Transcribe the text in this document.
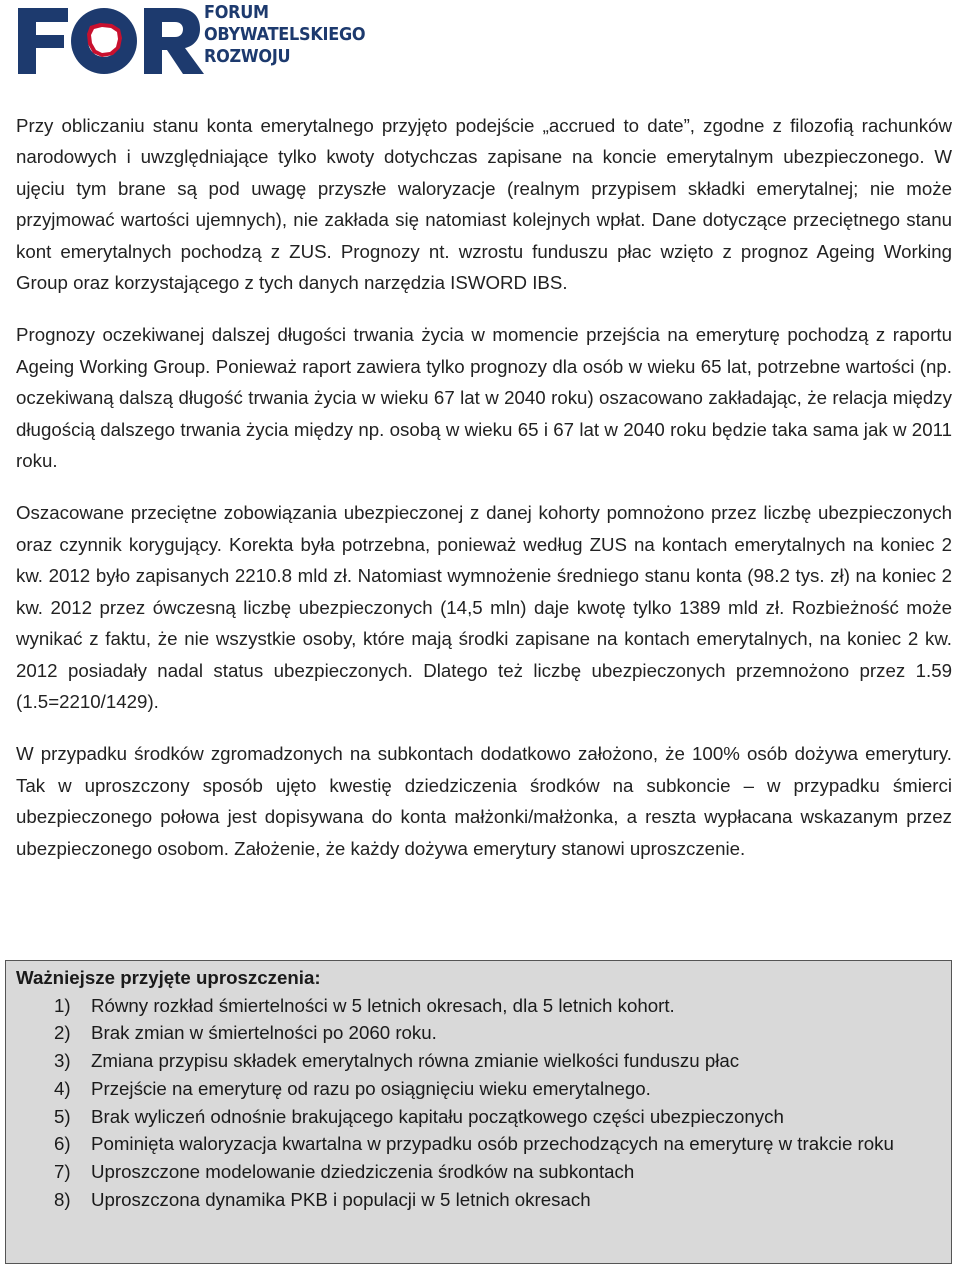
FORUM
OBYWATELSKIEGO
ROZWOJU

Przy obliczaniu stanu konta emerytalnego przyjęto podejście „accrued to date”, zgodne z filozofią rachunków narodowych i uwzględniające tylko kwoty dotychczas zapisane na koncie emerytalnym ubezpieczonego. W ujęciu tym brane są pod uwagę przyszłe waloryzacje (realnym przypisem składki emerytalnej; nie może przyjmować wartości ujemnych), nie zakłada się natomiast kolejnych wpłat. Dane dotyczące przeciętnego stanu kont emerytalnych pochodzą z ZUS. Prognozy nt. wzrostu funduszu płac wzięto z prognoz Ageing Working Group oraz korzystającego z tych danych narzędzia ISWORD IBS.

Prognozy oczekiwanej dalszej długości trwania życia w momencie przejścia na emeryturę pochodzą z raportu Ageing Working Group. Ponieważ raport zawiera tylko prognozy dla osób w wieku 65 lat, potrzebne wartości (np. oczekiwaną dalszą długość trwania życia w wieku 67 lat w 2040 roku) oszacowano zakładając, że relacja między długością dalszego trwania życia między np. osobą w wieku 65 i 67 lat w 2040 roku będzie taka sama jak w 2011 roku.

Oszacowane przeciętne zobowiązania ubezpieczonej z danej kohorty pomnożono przez liczbę ubezpieczonych oraz czynnik korygujący. Korekta była potrzebna, ponieważ według ZUS na kontach emerytalnych na koniec 2 kw. 2012 było zapisanych 2210.8 mld zł. Natomiast wymnożenie średniego stanu konta (98.2 tys. zł) na koniec 2 kw. 2012 przez ówczesną liczbę ubezpieczonych (14,5 mln) daje kwotę tylko 1389 mld zł. Rozbieżność może wynikać z faktu, że nie wszystkie osoby, które mają środki zapisane na kontach emerytalnych, na koniec 2 kw. 2012 posiadały nadal status ubezpieczonych. Dlatego też liczbę ubezpieczonych przemnożono przez 1.59 (1.5=2210/1429).

W przypadku środków zgromadzonych na subkontach dodatkowo założono, że 100% osób dożywa emerytury. Tak w uproszczony sposób ujęto kwestię dziedziczenia środków na subkoncie – w przypadku śmierci ubezpieczonego połowa jest dopisywana do konta małżonki/małżonka, a reszta wypłacana wskazanym przez ubezpieczonego osobom. Założenie, że każdy dożywa emerytury stanowi uproszczenie.

Ważniejsze przyjęte uproszczenia:

1) Równy rozkład śmiertelności w 5 letnich okresach, dla 5 letnich kohort.
2) Brak zmian w śmiertelności po 2060 roku.
3) Zmiana przypisu składek emerytalnych równa zmianie wielkości funduszu płac
4) Przejście na emeryturę od razu po osiągnięciu wieku emerytalnego.
5) Brak wyliczeń odnośnie brakującego kapitału początkowego części ubezpieczonych
6) Pominięta waloryzacja kwartalna w przypadku osób przechodzących na emeryturę w trakcie roku
7) Uproszczone modelowanie dziedziczenia środków na subkontach
8) Uproszczona dynamika PKB i populacji w 5 letnich okresach
